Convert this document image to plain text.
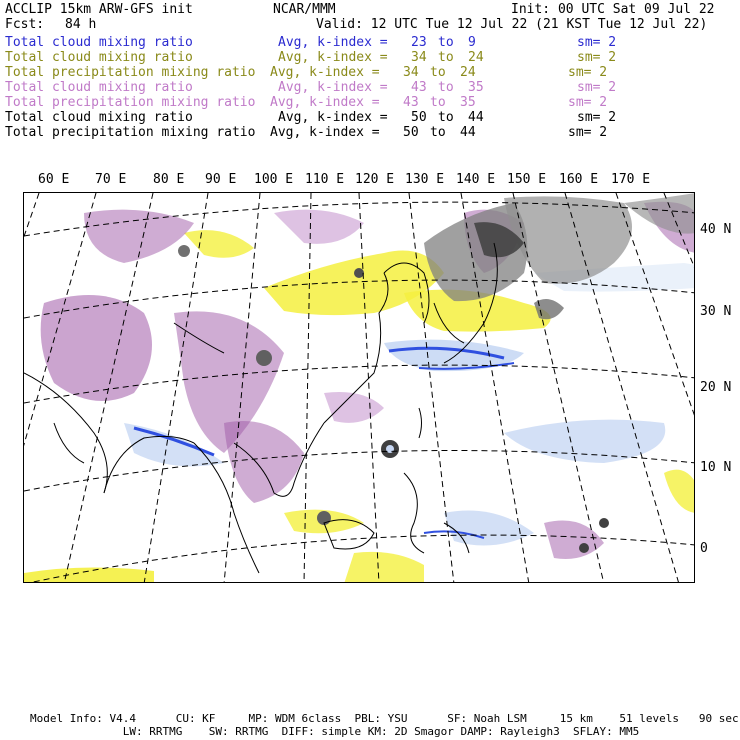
ACCLIP 15km ARW-GFS init	NCAR/MMM	Init: 00 UTC Sat 09 Jul 22
Fcst: 84 h	Valid: 12 UTC Tue 12 Jul 22 (21 KST Tue 12 Jul 22)
Total cloud mixing ratio	Avg, k-index = 23 to 9	sm= 2
Total cloud mixing ratio	Avg, k-index = 34 to 24	sm= 2
Total precipitation mixing ratio Avg, k-index = 34 to 24	sm= 2
Total cloud mixing ratio	Avg, k-index = 43 to 35	sm= 2
Total precipitation mixing ratio Avg, k-index = 43 to 35	sm= 2
Total cloud mixing ratio	Avg, k-index = 50 to 44	sm= 2
Total precipitation mixing ratio Avg, k-index = 50 to 44	sm= 2
60 E 70 E 80 E 90 E 100 E 110 E 120 E 130 E 140 E 150 E 160 E 170 E
40 N
30 N
20 N
10 N
0
Model Info: V4.4      CU: KF     MP: WDM 6class  PBL: YSU      SF: Noah LSM     15 km    51 levels   90 sec
LW: RRTMG    SW: RRTMG  DIFF: simple KM: 2D Smagor DAMP: Rayleigh3  SFLAY: MM5
